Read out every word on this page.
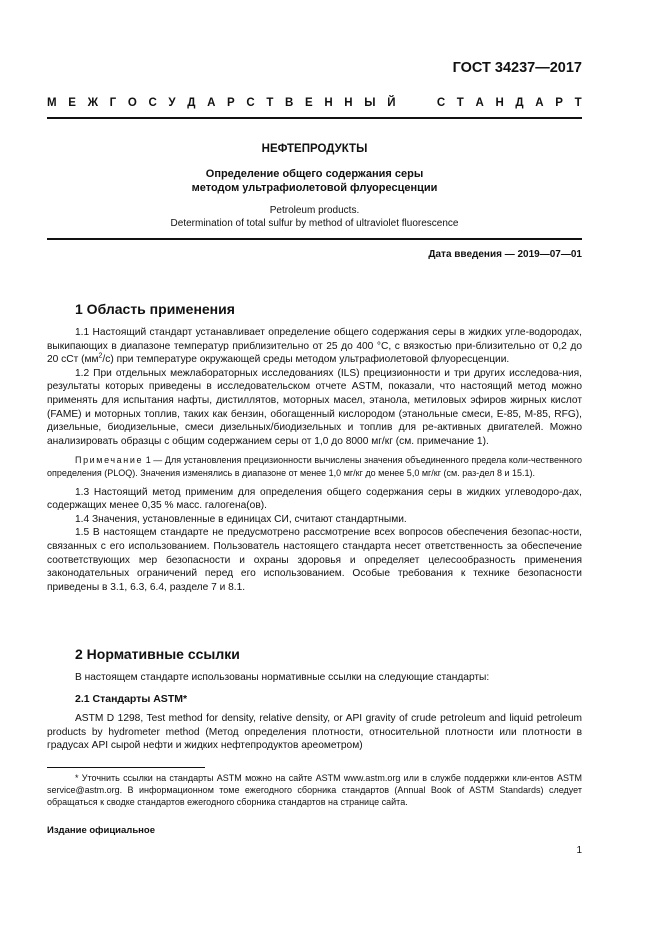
ГОСТ 34237—2017
М Е Ж Г О С У Д А Р С Т В Е Н Н Ы Й

	С Т А Н Д А Р Т
НЕФТЕПРОДУКТЫ
Определение общего содержания серы
методом ультрафиолетовой флуоресценции
Petroleum products.
Determination of total sulfur by method of ultraviolet fluorescence
Дата введения — 2019—07—01
1 Область применения

1.1 Настоящий стандарт устанавливает определение общего содержания серы в жидких угле-водородах, выкипающих в диапазоне температур приблизительно от 25 до 400 °С, с вязкостью при-близительно от 0,2 до 20 сСт $(мм^2/с)$ при температуре окружающей среды методом ультрафиолетовой флуоресценции.

1.2 При отдельных межлабораторных исследованиях (ILS) прецизионности и три других исследова-ния, результаты которых приведены в исследовательском отчете ASTM, показали, что настоящий метод можно применять для испытания нафты, дистиллятов, моторных масел, этанола, метиловых эфиров жирных кислот (FAME) и моторных топлив, таких как бензин, обогащенный кислородом (этанольные смеси, Е-85, М-85, RFG), дизельные, биодизельные, смеси дизельных/биодизельных и топлив для ре-активных двигателей. Можно анализировать образцы с общим содержанием серы от 1,0 до 8000 мг/кг (см. примечание 1).

Примечание 1 — Для установления прецизионности вычислены значения объединенного предела коли-чественного определения (PLOQ). Значения изменялись в диапазоне от менее 1,0 мг/кг до менее 5,0 мг/кг (см. раз-дел 8 и 15.1).

1.3 Настоящий метод применим для определения общего содержания серы в жидких углеводоро-дах, содержащих менее 0,35 % масс. галогена(ов).

1.4 Значения, установленные в единицах СИ, считают стандартными.

1.5 В настоящем стандарте не предусмотрено рассмотрение всех вопросов обеспечения безопас-ности, связанных с его использованием. Пользователь настоящего стандарта несет ответственность за обеспечение соответствующих мер безопасности и охраны здоровья и определяет целесообразность применения законодательных ограничений перед его использованием. Особые требования к технике безопасности приведены в 3.1, 6.3, 6.4, разделе 7 и 8.1.

2 Нормативные ссылки

В настоящем стандарте использованы нормативные ссылки на следующие стандарты:

2.1 Стандарты ASTM*

ASTM D 1298, Test method for density, relative density, or API gravity of crude petroleum and liquid petroleum products by hydrometer method (Метод определения плотности, относительной плотности или плотности в градусах API сырой нефти и жидких нефтепродуктов ареометром)

* Уточнить ссылки на стандарты ASTM можно на сайте ASTM www.astm.org или в службе поддержки кли-ентов ASTM service@astm.org. В информационном томе ежегодного сборника стандартов (Annual Book of ASTM Standards) следует обращаться к сводке стандартов ежегодного сборника стандартов на странице сайта.

Издание официальное
1
